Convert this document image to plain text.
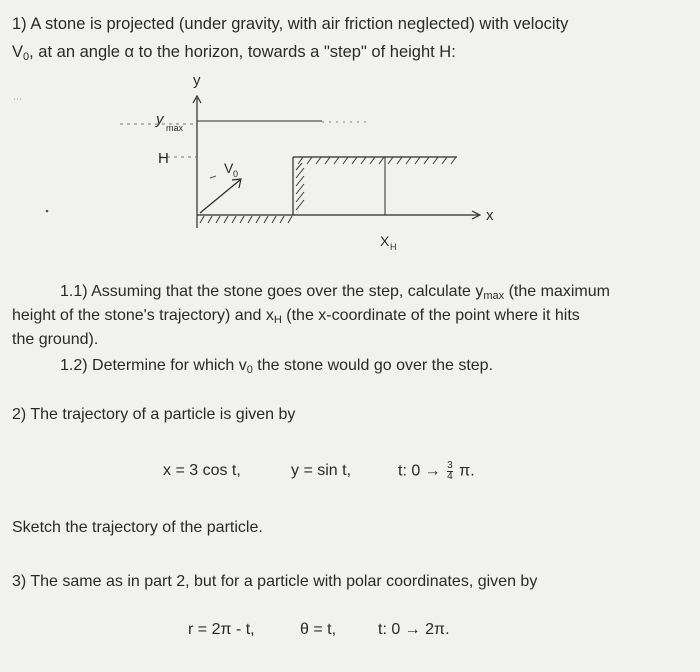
1) A stone is projected (under gravity, with air friction neglected) with velocity
$V_0$, at an angle α to the horizon, towards a "step" of height H:
y
x
y max
H
V 0
X H
1.1) Assuming that the stone goes over the step, calculate $y_{max}$ (the maximum
height of the stone's trajectory) and $x_H$ (the x-coordinate of the point where it hits
the ground).
1.2) Determine for which $v_0$ the stone would go over the step.
2) The trajectory of a particle is given by
x = 3 cos t,	y = sin t,	t: $0 \to \frac{3}{4} \pi$.
Sketch the trajectory of the particle.
3) The same as in part 2, but for a particle with polar coordinates, given by
r = 2π - t,	θ = t,	t: 0 → 2π.
